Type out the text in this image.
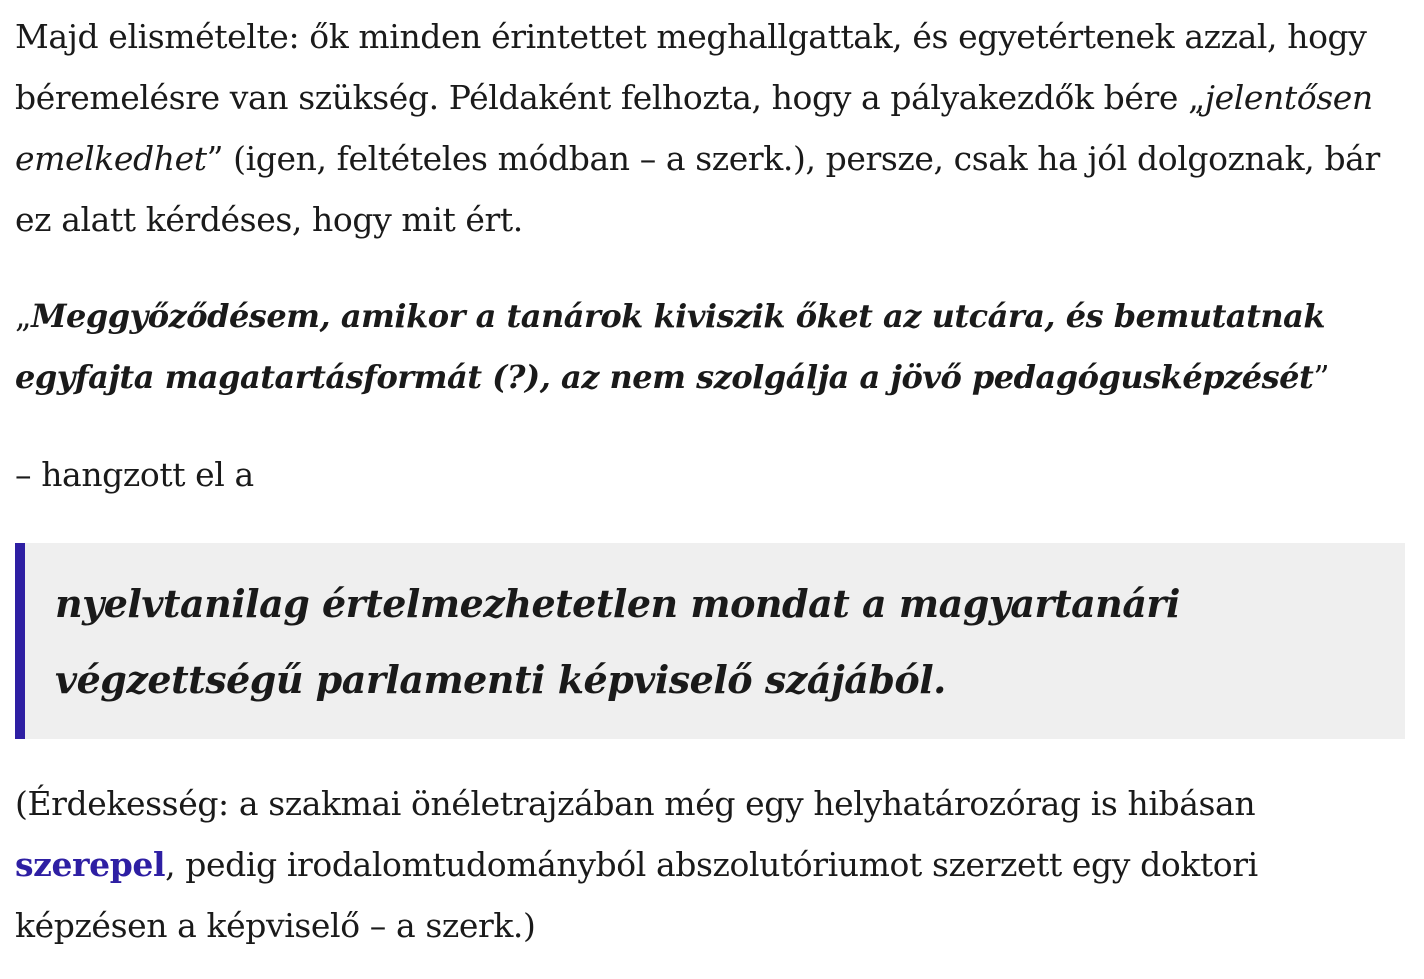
Majd elismételte: ők minden érintettet meghallgattak, és egyetértenek azzal, hogy béremelésre van szükség. Példaként felhozta, hogy a pályakezdők bére „jelentősen emelkedhet” (igen, feltételes módban – a szerk.), persze, csak ha jól dolgoznak, bár ez alatt kérdéses, hogy mit ért.

„Meggyőződésem, amikor a tanárok kiviszik őket az utcára, és bemutatnak egyfajta magatartásformát (?), az nem szolgálja a jövő pedagógusképzését”

– hangzott el a

nyelvtanilag értelmezhetetlen mondat a magyartanári végzettségű parlamenti képviselő szájából.

(Érdekesség: a szakmai önéletrajzában még egy helyhatározórag is hibásan szerepel, pedig irodalomtudományból abszolutóriumot szerzett egy doktori képzésen a képviselő – a szerk.)
